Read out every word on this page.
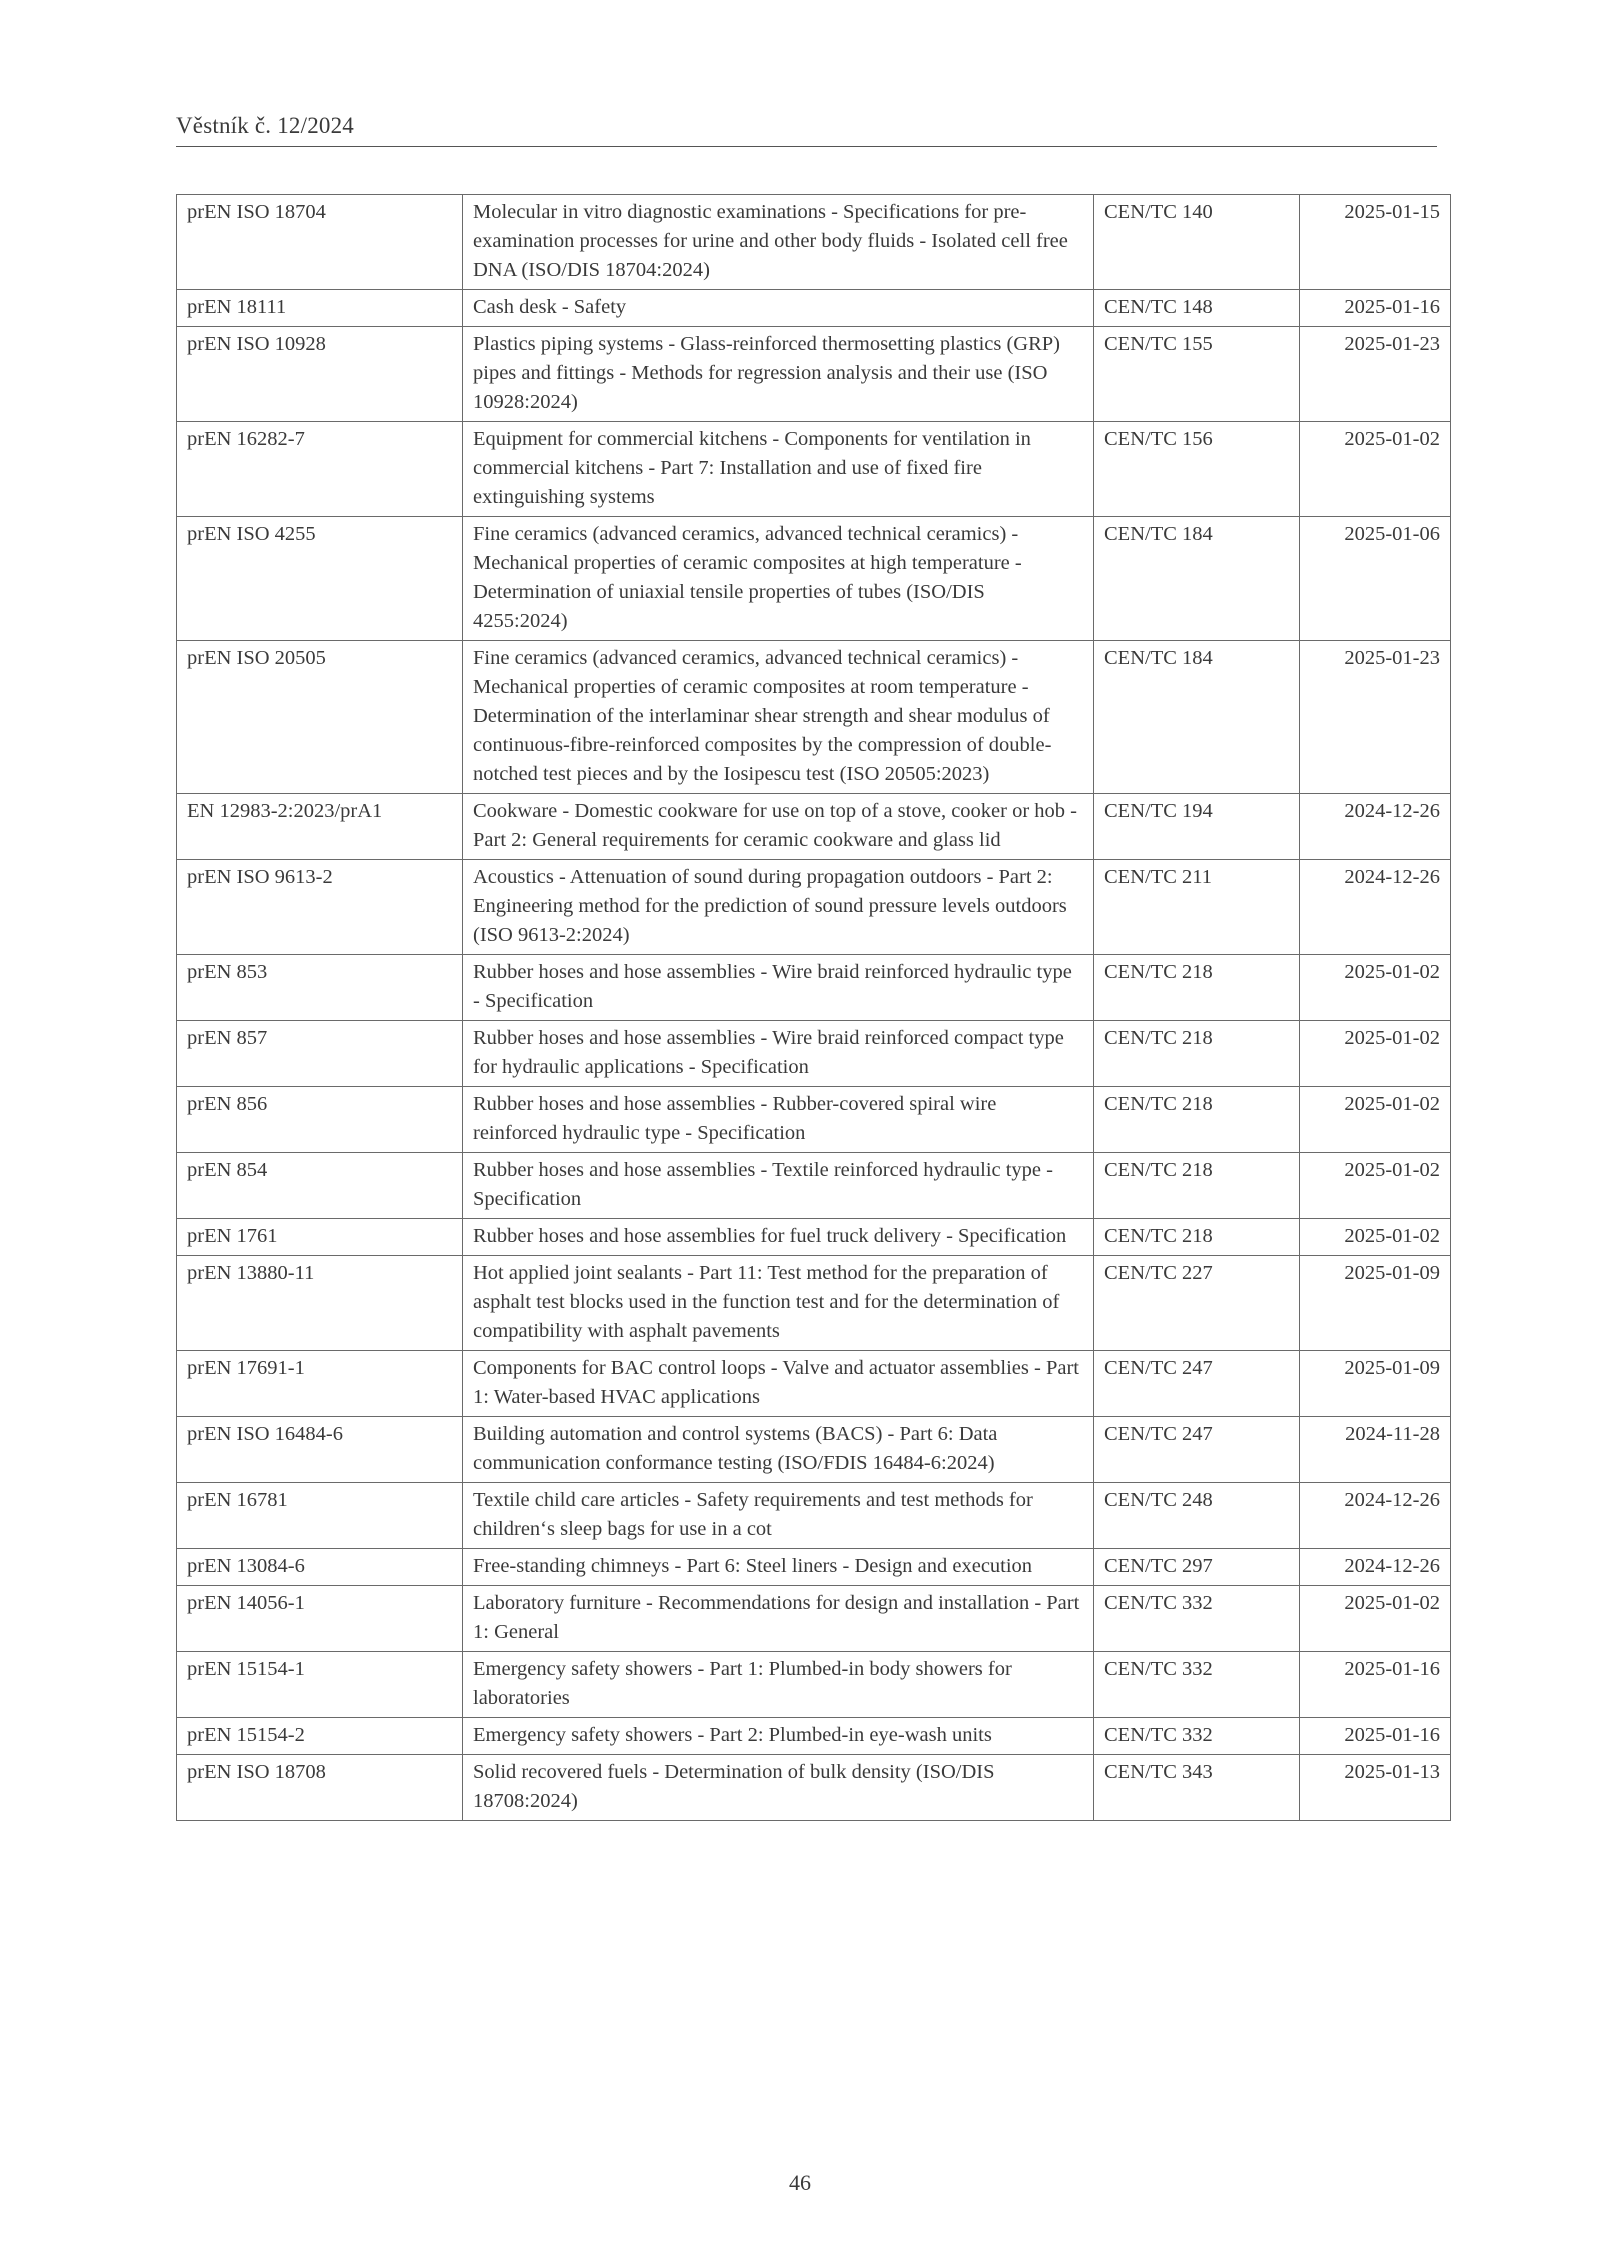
Věstník č. 12/2024
prEN ISO 18704	Molecular in vitro diagnostic examinations - Specifications for pre-examination processes for urine and other body fluids - Isolated cell free DNA (ISO/DIS 18704:2024)	CEN/TC 140	2025-01-15
prEN 18111	Cash desk - Safety	CEN/TC 148	2025-01-16
prEN ISO 10928	Plastics piping systems - Glass-reinforced thermosetting plastics (GRP) pipes and fittings - Methods for regression analysis and their use (ISO 10928:2024)	CEN/TC 155	2025-01-23
prEN 16282-7	Equipment for commercial kitchens - Components for ventilation in commercial kitchens - Part 7: Installation and use of fixed fire extinguishing systems	CEN/TC 156	2025-01-02
prEN ISO 4255	Fine ceramics (advanced ceramics, advanced technical ceramics) - Mechanical properties of ceramic composites at high temperature - Determination of uniaxial tensile properties of tubes (ISO/DIS 4255:2024)	CEN/TC 184	2025-01-06
prEN ISO 20505	Fine ceramics (advanced ceramics, advanced technical ceramics) - Mechanical properties of ceramic composites at room temperature - Determination of the interlaminar shear strength and shear modulus of continuous-fibre-reinforced composites by the compression of double-notched test pieces and by the Iosipescu test (ISO 20505:2023)	CEN/TC 184	2025-01-23
EN 12983-2:2023/prA1	Cookware - Domestic cookware for use on top of a stove, cooker or hob - Part 2: General requirements for ceramic cookware and glass lid	CEN/TC 194	2024-12-26
prEN ISO 9613-2	Acoustics - Attenuation of sound during propagation outdoors - Part 2: Engineering method for the prediction of sound pressure levels outdoors (ISO 9613-2:2024)	CEN/TC 211	2024-12-26
prEN 853	Rubber hoses and hose assemblies - Wire braid reinforced hydraulic type - Specification	CEN/TC 218	2025-01-02
prEN 857	Rubber hoses and hose assemblies - Wire braid reinforced compact type for hydraulic applications - Specification	CEN/TC 218	2025-01-02
prEN 856	Rubber hoses and hose assemblies - Rubber-covered spiral wire reinforced hydraulic type - Specification	CEN/TC 218	2025-01-02
prEN 854	Rubber hoses and hose assemblies - Textile reinforced hydraulic type - Specification	CEN/TC 218	2025-01-02
prEN 1761	Rubber hoses and hose assemblies for fuel truck delivery - Specification	CEN/TC 218	2025-01-02
prEN 13880-11	Hot applied joint sealants - Part 11: Test method for the preparation of asphalt test blocks used in the function test and for the determination of compatibility with asphalt pavements	CEN/TC 227	2025-01-09
prEN 17691-1	Components for BAC control loops - Valve and actuator assemblies - Part 1: Water-based HVAC applications	CEN/TC 247	2025-01-09
prEN ISO 16484-6	Building automation and control systems (BACS) - Part 6: Data communication conformance testing (ISO/FDIS 16484-6:2024)	CEN/TC 247	2024-11-28
prEN 16781	Textile child care articles - Safety requirements and test methods for children‘s sleep bags for use in a cot	CEN/TC 248	2024-12-26
prEN 13084-6	Free-standing chimneys - Part 6: Steel liners - Design and execution	CEN/TC 297	2024-12-26
prEN 14056-1	Laboratory furniture - Recommendations for design and installation - Part 1: General	CEN/TC 332	2025-01-02
prEN 15154-1	Emergency safety showers - Part 1: Plumbed-in body showers for laboratories	CEN/TC 332	2025-01-16
prEN 15154-2	Emergency safety showers - Part 2: Plumbed-in eye-wash units	CEN/TC 332	2025-01-16
prEN ISO 18708	Solid recovered fuels - Determination of bulk density (ISO/DIS 18708:2024)	CEN/TC 343	2025-01-13
46
